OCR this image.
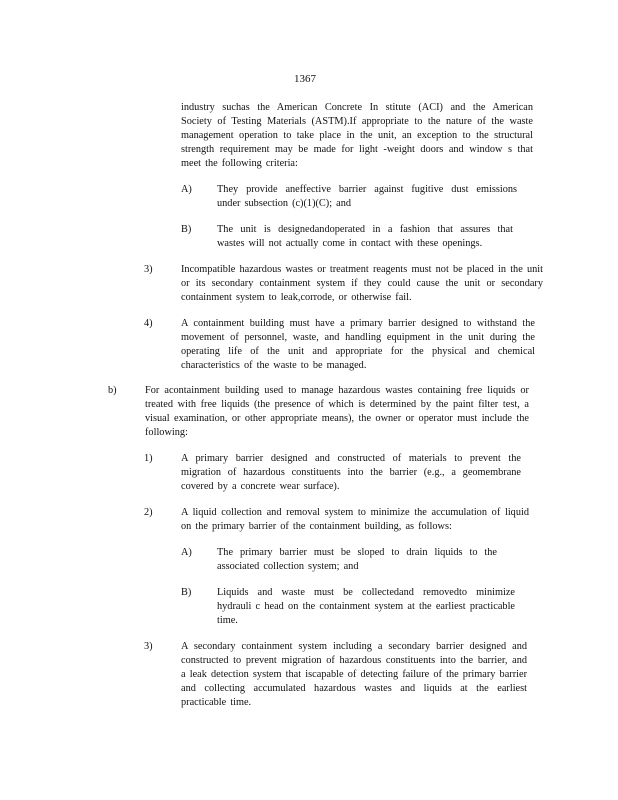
1367
industry suchas the American Concrete In stitute (ACI) and the American Society of Testing Materials (ASTM).If appropriate to the nature of the waste management operation to take place in the unit, an exception to the structural strength requirement may be made for light -weight doors and window s that meet the following criteria:
A) They provide aneffective barrier against fugitive dust emissions under subsection (c)(1)(C); and
B) The unit is designedandoperated in a fashion that assures that wastes will not actually come in contact with these openings.
3)	Incompatible hazardous wastes or treatment reagents must not be placed in the unit or its secondary containment system if they could cause the unit or secondary containment system to leak,corrode, or otherwise fail.
4)	A containment building must have a primary barrier designed to withstand the movement of personnel, waste, and handling equipment in the unit during the operating life of the unit and appropriate for the physical and chemical characteristics of the waste to be managed.
b)	For acontainment building used to manage hazardous wastes containing free liquids or treated with free liquids (the presence of which is determined by the paint filter test, a visual examination, or other appropriate means), the owner or operator must include the following:
1)	A primary barrier designed and constructed of materials to prevent the migration of hazardous constituents into the barrier (e.g., a geomembrane covered by a concrete wear surface).
2)	A liquid collection and removal system to minimize the accumulation of liquid on the primary barrier of the containment building, as follows:
A) The primary barrier must be sloped to drain liquids to the associated collection system; and
B) Liquids and waste must be collectedand removedto minimize hydrauli c head on the containment system at the earliest practicable time.
3)	A secondary containment system including a secondary barrier designed and constructed to prevent migration of hazardous constituents into the barrier, and a leak detection system that iscapable of detecting failure of the primary barrier and collecting accumulated hazardous wastes and liquids at the earliest practicable time.
